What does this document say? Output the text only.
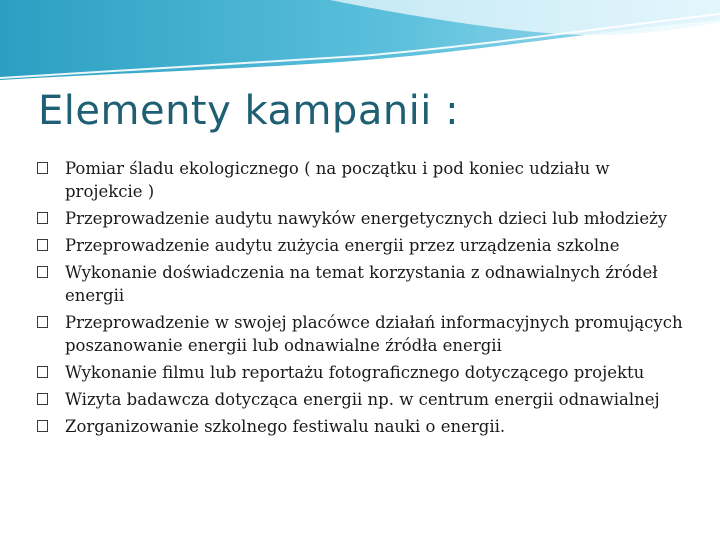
Elementy kampanii :
Pomiar śladu ekologicznego ( na początku i pod koniec udziału w projekcie )
Przeprowadzenie audytu nawyków energetycznych dzieci lub młodzieży
Przeprowadzenie audytu zużycia energii przez urządzenia szkolne
Wykonanie doświadczenia na temat korzystania z odnawialnych źródeł energii
Przeprowadzenie w swojej placówce działań informacyjnych promujących poszanowanie energii lub odnawialne źródła energii
Wykonanie filmu lub reportażu fotograficznego dotyczącego projektu
Wizyta badawcza dotycząca energii np. w centrum energii odnawialnej
Zorganizowanie szkolnego festiwalu nauki o energii.
